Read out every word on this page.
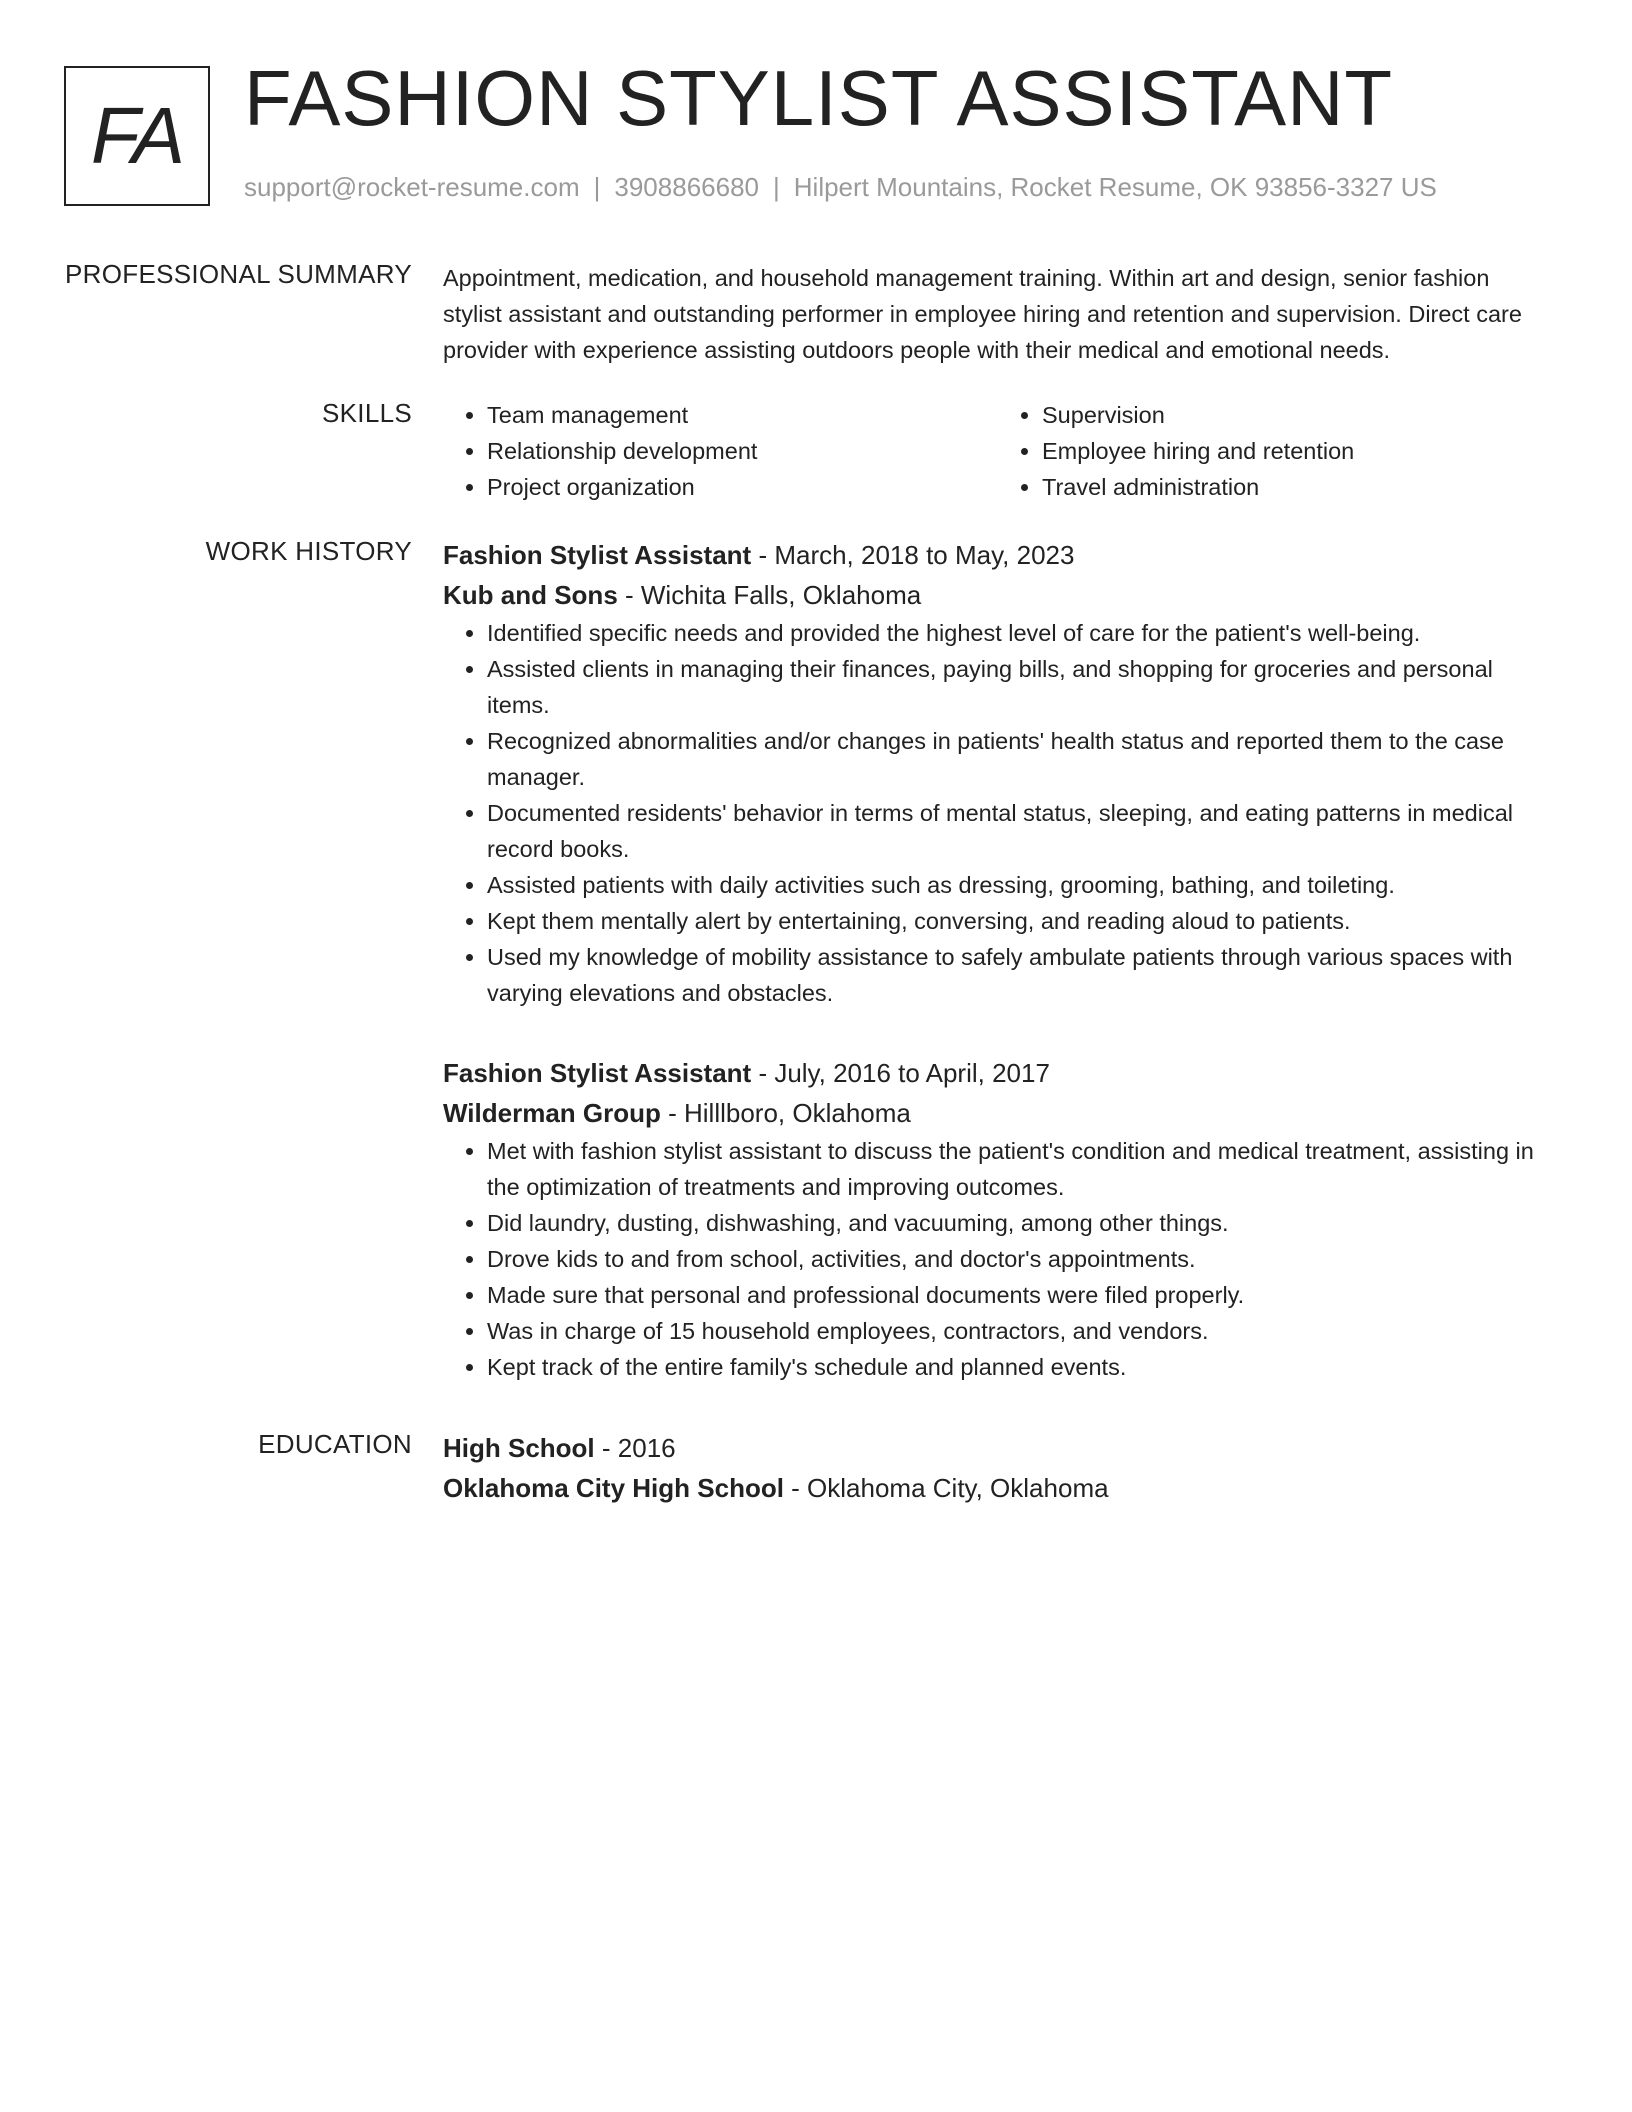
FA FASHION STYLIST ASSISTANT
support@rocket-resume.com | 3908866680 | Hilpert Mountains, Rocket Resume, OK 93856-3327 US
PROFESSIONAL SUMMARY Appointment, medication, and household management training. Within art and design, senior fashion stylist assistant and outstanding performer in employee hiring and retention and supervision. Direct care provider with experience assisting outdoors people with their medical and emotional needs.

SKILLS
•	Team management
• Relationship development
• Project organization
• Supervision
• Employee hiring and retention
• Travel administration
WORK HISTORY Fashion Stylist Assistant - March, 2018 to May, 2023
Kub and Sons - Wichita Falls, Oklahoma
• Identified specific needs and provided the highest level of care for the patient's well-being.
• Assisted clients in managing their finances, paying bills, and shopping for groceries and personal items.
• Recognized abnormalities and/or changes in patients' health status and reported them to the case manager.
• Documented residents' behavior in terms of mental status, sleeping, and eating patterns in medical record books.
• Assisted patients with daily activities such as dressing, grooming, bathing, and toileting.
• Kept them mentally alert by entertaining, conversing, and reading aloud to patients.
• Used my knowledge of mobility assistance to safely ambulate patients through various spaces with varying elevations and obstacles.
Fashion Stylist Assistant - July, 2016 to April, 2017
Wilderman Group - Hilllboro, Oklahoma
• Met with fashion stylist assistant to discuss the patient's condition and medical treatment, assisting in the optimization of treatments and improving outcomes.
• Did laundry, dusting, dishwashing, and vacuuming, among other things.
• Drove kids to and from school, activities, and doctor's appointments.
• Made sure that personal and professional documents were filed properly.
• Was in charge of 15 household employees, contractors, and vendors.
• Kept track of the entire family's schedule and planned events.
EDUCATION High School - 2016
Oklahoma City High School - Oklahoma City, Oklahoma
